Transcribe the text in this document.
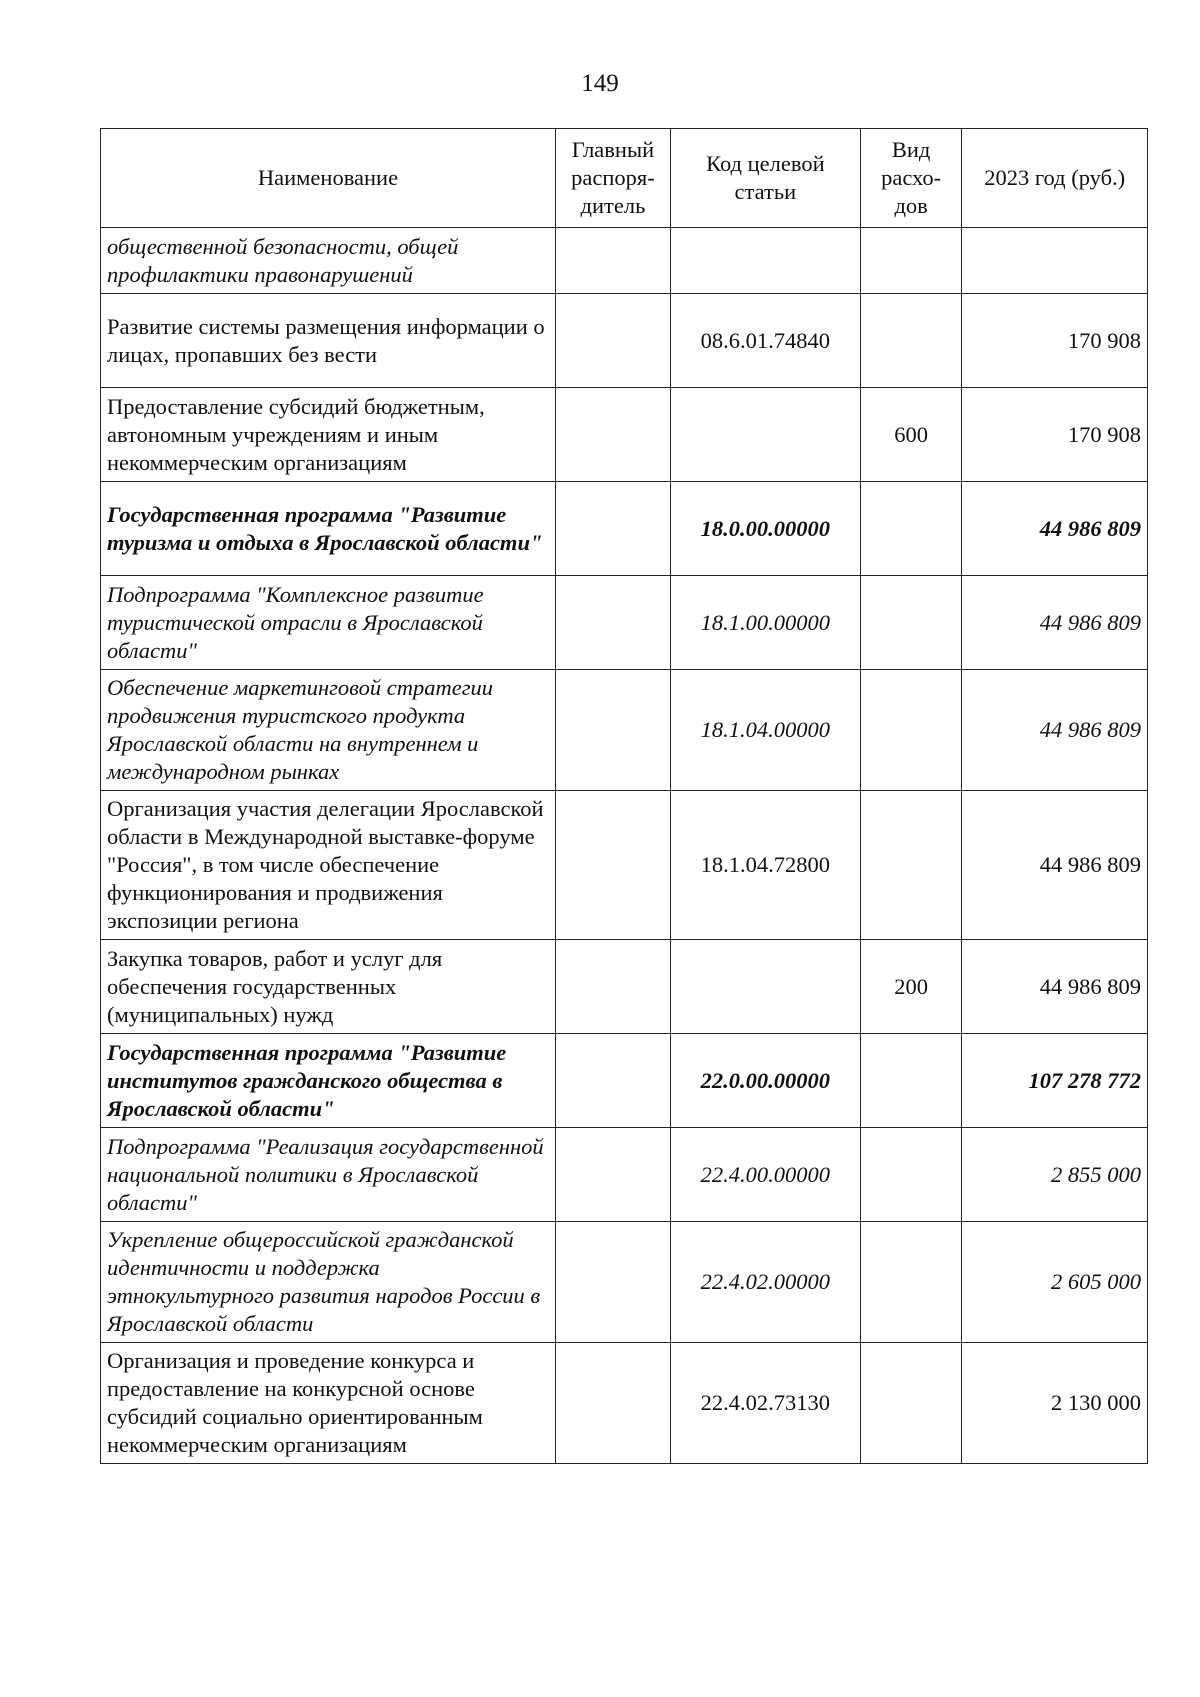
149
Наименование	Главный распоря-дитель	Код целевой статьи	Вид расхо-дов	2023 год (руб.)
общественной безопасности, общей профилактики правонарушений				
Развитие системы размещения информации о лицах, пропавших без вести		08.6.01.74840		170 908
Предоставление субсидий бюджетным, автономным учреждениям и иным некоммерческим организациям			600	170 908
Государственная программа "Развитие туризма и отдыха в Ярославской области"		18.0.00.00000		44 986 809
Подпрограмма "Комплексное развитие туристической отрасли в Ярославской области"		18.1.00.00000		44 986 809
Обеспечение маркетинговой стратегии продвижения туристского продукта Ярославской области на внутреннем и международном рынках		18.1.04.00000		44 986 809
Организация участия делегации Ярославской области в Международной выставке-форуме "Россия", в том числе обеспечение функционирования и продвижения экспозиции региона		18.1.04.72800		44 986 809
Закупка товаров, работ и услуг для обеспечения государственных (муниципальных) нужд			200	44 986 809
Государственная программа "Развитие институтов гражданского общества в Ярославской области"		22.0.00.00000		107 278 772
Подпрограмма "Реализация государственной национальной политики в Ярославской области"		22.4.00.00000		2 855 000
Укрепление общероссийской гражданской идентичности и поддержка этнокультурного развития народов России в Ярославской области		22.4.02.00000		2 605 000
Организация и проведение конкурса и предоставление на конкурсной основе субсидий социально ориентированным некоммерческим организациям		22.4.02.73130		2 130 000
